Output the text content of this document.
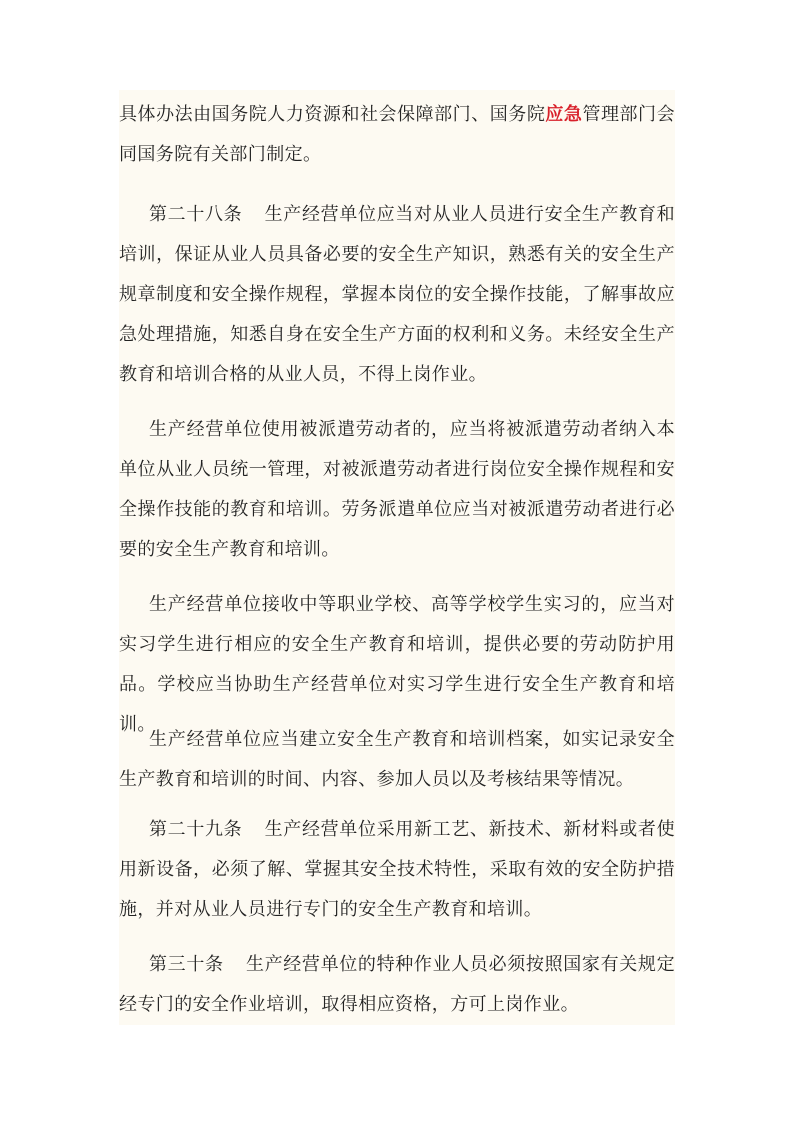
具体办法由国务院人力资源和社会保障部门、国务院应急管理部门会同国务院有关部门制定。

第二十八条 生产经营单位应当对从业人员进行安全生产教育和培训，保证从业人员具备必要的安全生产知识，熟悉有关的安全生产规章制度和安全操作规程，掌握本岗位的安全操作技能，了解事故应急处理措施，知悉自身在安全生产方面的权利和义务。未经安全生产教育和培训合格的从业人员，不得上岗作业。

生产经营单位使用被派遣劳动者的，应当将被派遣劳动者纳入本单位从业人员统一管理，对被派遣劳动者进行岗位安全操作规程和安全操作技能的教育和培训。劳务派遣单位应当对被派遣劳动者进行必要的安全生产教育和培训。

生产经营单位接收中等职业学校、高等学校学生实习的，应当对实习学生进行相应的安全生产教育和培训，提供必要的劳动防护用品。学校应当协助生产经营单位对实习学生进行安全生产教育和培训。

生产经营单位应当建立安全生产教育和培训档案，如实记录安全生产教育和培训的时间、内容、参加人员以及考核结果等情况。

第二十九条 生产经营单位采用新工艺、新技术、新材料或者使用新设备，必须了解、掌握其安全技术特性，采取有效的安全防护措施，并对从业人员进行专门的安全生产教育和培训。

第三十条 生产经营单位的特种作业人员必须按照国家有关规定经专门的安全作业培训，取得相应资格，方可上岗作业。
